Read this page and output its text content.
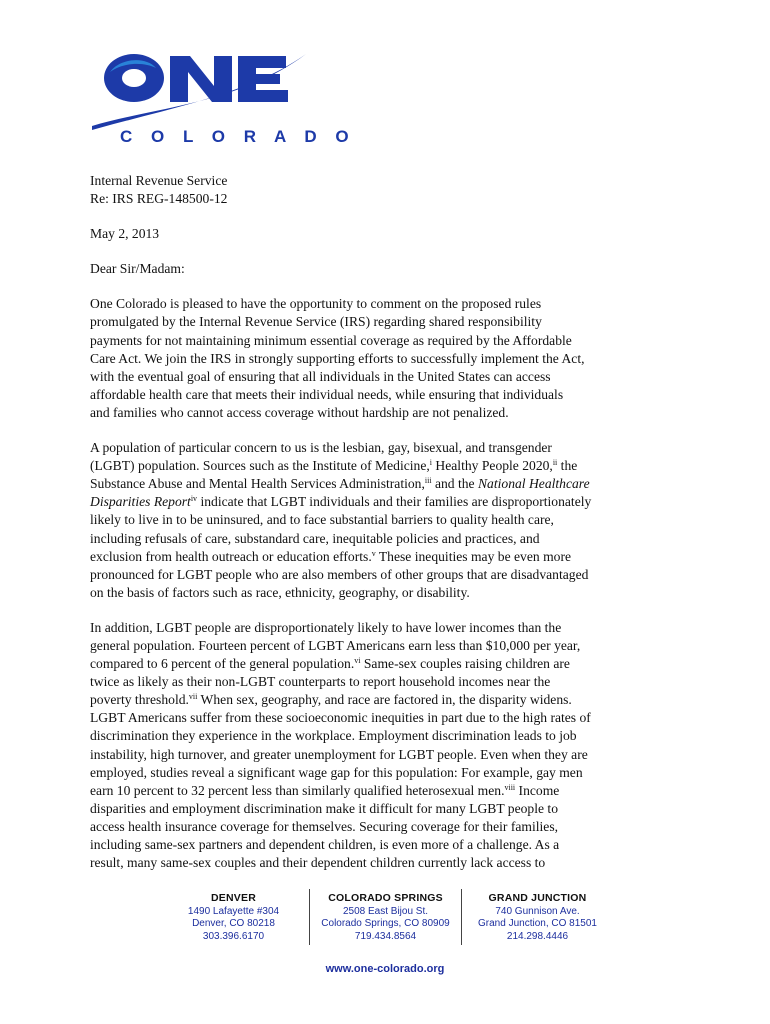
C O L O R A D O

Internal Revenue Service

Re: IRS REG-148500-12

May 2, 2013

Dear Sir/Madam:

One Colorado is pleased to have the opportunity to comment on the proposed rules
promulgated by the Internal Revenue Service (IRS) regarding shared responsibility
payments for not maintaining minimum essential coverage as required by the Affordable
Care Act. We join the IRS in strongly supporting efforts to successfully implement the Act,
with the eventual goal of ensuring that all individuals in the United States can access
affordable health care that meets their individual needs, while ensuring that individuals
and families who cannot access coverage without hardship are not penalized.
A population of particular concern to us is the lesbian, gay, bisexual, and transgender
(LGBT) population. Sources such as the Institute of Medicine,$^i$ Healthy People 2020,$^{ii}$ the
Substance Abuse and Mental Health Services Administration,$^{iii}$ and the National Healthcare
Disparities Report$^{iv}$ indicate that LGBT individuals and their families are disproportionately
likely to live in to be uninsured, and to face substantial barriers to quality health care,
including refusals of care, substandard care, inequitable policies and practices, and
exclusion from health outreach or education efforts.$^v$ These inequities may be even more
pronounced for LGBT people who are also members of other groups that are disadvantaged
on the basis of factors such as race, ethnicity, geography, or disability.
In addition, LGBT people are disproportionately likely to have lower incomes than the
general population. Fourteen percent of LGBT Americans earn less than $10,000 per year,
compared to 6 percent of the general population.$^{vi}$ Same-sex couples raising children are
twice as likely as their non-LGBT counterparts to report household incomes near the
poverty threshold.$^{vii}$ When sex, geography, and race are factored in, the disparity widens.
LGBT Americans suffer from these socioeconomic inequities in part due to the high rates of
discrimination they experience in the workplace. Employment discrimination leads to job
instability, high turnover, and greater unemployment for LGBT people. Even when they are
employed, studies reveal a significant wage gap for this population: For example, gay men
earn 10 percent to 32 percent less than similarly qualified heterosexual men.$^{viii}$ Income
disparities and employment discrimination make it difficult for many LGBT people to
access health insurance coverage for themselves. Securing coverage for their families,
including same-sex partners and dependent children, is even more of a challenge. As a
result, many same-sex couples and their dependent children currently lack access to
DENVER
1490 Lafayette #304
Denver, CO 80218
303.396.6170
COLORADO SPRINGS
2508 East Bijou St.
Colorado Springs, CO 80909
719.434.8564
GRAND JUNCTION
740 Gunnison Ave.
Grand Junction, CO 81501
214.298.4446
www.one-colorado.org
